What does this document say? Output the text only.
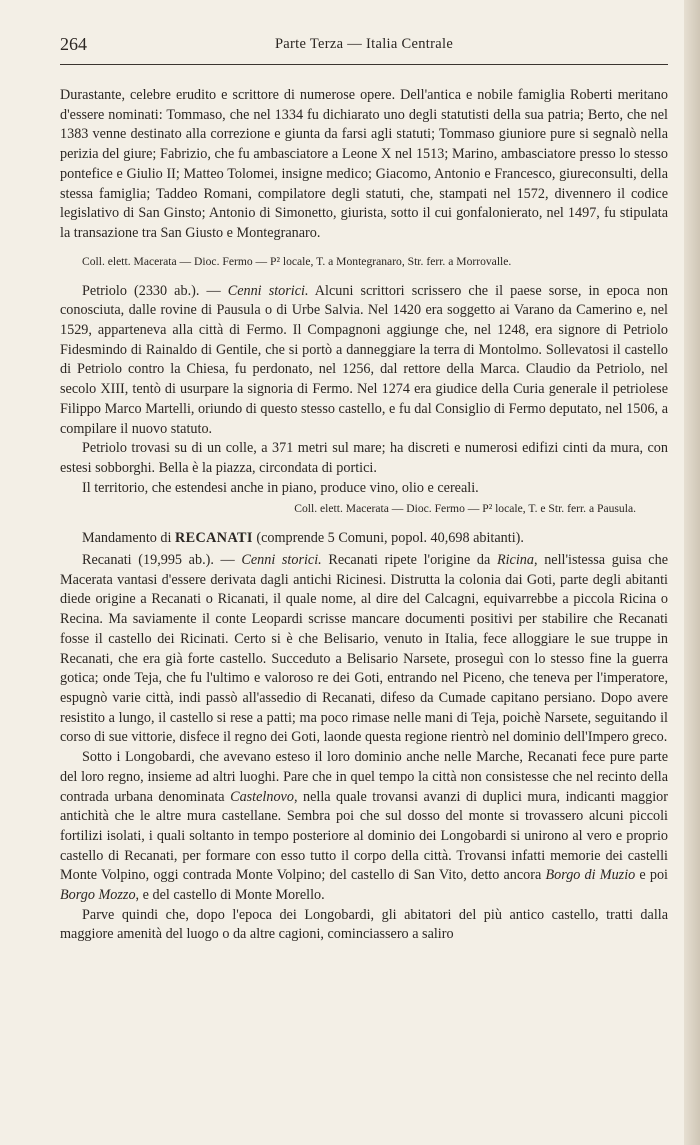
264	Parte Terza — Italia Centrale

Durastante, celebre erudito e scrittore di numerose opere. Dell'antica e nobile famiglia Roberti meritano d'essere nominati: Tommaso, che nel 1334 fu dichiarato uno degli statutisti della sua patria; Berto, che nel 1383 venne destinato alla correzione e giunta da farsi agli statuti; Tommaso giuniore pure si segnalò nella perizia del giure; Fabrizio, che fu ambasciatore a Leone X nel 1513; Marino, ambasciatore presso lo stesso pontefice e Giulio II; Matteo Tolomei, insigne medico; Giacomo, Antonio e Francesco, giureconsulti, della stessa famiglia; Taddeo Romani, compilatore degli statuti, che, stampati nel 1572, divennero il codice legislativo di San Ginsto; Antonio di Simonetto, giurista, sotto il cui gonfalonierato, nel 1497, fu stipulata la transazione tra San Giusto e Montegranaro.

Coll. elett. Macerata — Dioc. Fermo — P² locale, T. a Montegranaro, Str. ferr. a Morrovalle.

Petriolo (2330 ab.). — Cenni storici. Alcuni scrittori scrissero che il paese sorse, in epoca non conosciuta, dalle rovine di Pausula o di Urbe Salvia. Nel 1420 era soggetto ai Varano da Camerino e, nel 1529, apparteneva alla città di Fermo. Il Compagnoni aggiunge che, nel 1248, era signore di Petriolo Fidesmindo di Rainaldo di Gentile, che si portò a danneggiare la terra di Montolmo. Sollevatosi il castello di Petriolo contro la Chiesa, fu perdonato, nel 1256, dal rettore della Marca. Claudio da Petriolo, nel secolo XIII, tentò di usurpare la signoria di Fermo. Nel 1274 era giudice della Curia generale il petriolese Filippo Marco Martelli, oriundo di questo stesso castello, e fu dal Consiglio di Fermo deputato, nel 1506, a compilare il nuovo statuto.

Petriolo trovasi su di un colle, a 371 metri sul mare; ha discreti e numerosi edifizi cinti da mura, con estesi sobborghi. Bella è la piazza, circondata di portici.

Il territorio, che estendesi anche in piano, produce vino, olio e cereali.

Coll. elett. Macerata — Dioc. Fermo — P² locale, T. e Str. ferr. a Pausula.

Mandamento di RECANATI (comprende 5 Comuni, popol. 40,698 abitanti).

Recanati (19,995 ab.). — Cenni storici. Recanati ripete l'origine da Ricina, nell'istessa guisa che Macerata vantasi d'essere derivata dagli antichi Ricinesi. Distrutta la colonia dai Goti, parte degli abitanti diede origine a Recanati o Ricanati, il quale nome, al dire del Calcagni, equivarrebbe a piccola Ricina o Recina. Ma saviamente il conte Leopardi scrisse mancare documenti positivi per stabilire che Recanati fosse il castello dei Ricinati. Certo si è che Belisario, venuto in Italia, fece alloggiare le sue truppe in Recanati, che era già forte castello. Succeduto a Belisario Narsete, proseguì con lo stesso fine la guerra gotica; onde Teja, che fu l'ultimo e valoroso re dei Goti, entrando nel Piceno, che teneva per l'imperatore, espugnò varie città, indi passò all'assedio di Recanati, difeso da Cumade capitano persiano. Dopo avere resistito a lungo, il castello si rese a patti; ma poco rimase nelle mani di Teja, poichè Narsete, seguitando il corso di sue vittorie, disfece il regno dei Goti, laonde questa regione rientrò nel dominio dell'Impero greco.

Sotto i Longobardi, che avevano esteso il loro dominio anche nelle Marche, Recanati fece pure parte del loro regno, insieme ad altri luoghi. Pare che in quel tempo la città non consistesse che nel recinto della contrada urbana denominata Castelnovo, nella quale trovansi avanzi di duplici mura, indicanti maggior antichità che le altre mura castellane. Sembra poi che sul dosso del monte si trovassero alcuni piccoli fortilizi isolati, i quali soltanto in tempo posteriore al dominio dei Longobardi si unirono al vero e proprio castello di Recanati, per formare con esso tutto il corpo della città. Trovansi infatti memorie dei castelli Monte Volpino, oggi contrada Monte Volpino; del castello di San Vito, detto ancora Borgo di Muzio e poi Borgo Mozzo, e del castello di Monte Morello.

Parve quindi che, dopo l'epoca dei Longobardi, gli abitatori del più antico castello, tratti dalla maggiore amenità del luogo o da altre cagioni, cominciassero a saliro
